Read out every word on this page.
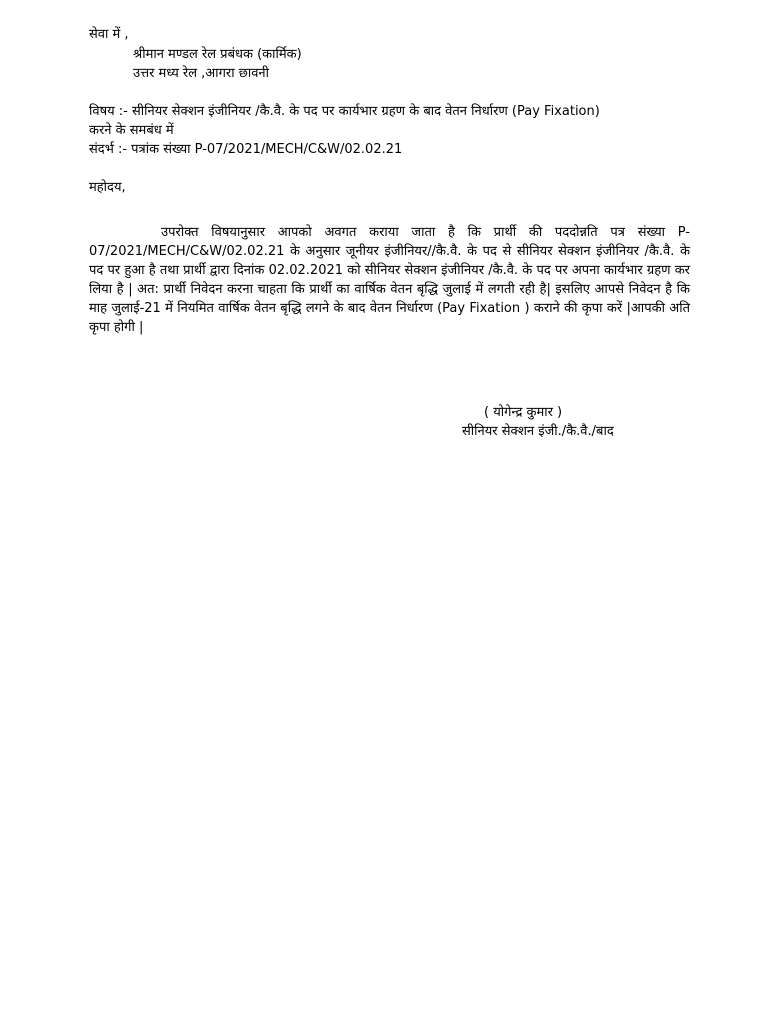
सेवा में ,
श्रीमान मण्डल रेल प्रबंधक (कार्मिक)
उत्तर मध्य रेल ,आगरा छावनी
विषय :- सीनियर सेक्शन इंजीनियर /कै.वै. के पद पर कार्यभार ग्रहण के बाद वेतन निर्धारण (Pay Fixation)
करने के समबंध में
संदर्भ :- पत्रांक संख्या P-07/2021/MECH/C&W/02.02.21
महोदय,
उपरोक्त विषयानुसार आपको अवगत कराया जाता है कि प्रार्थी की पददोन्नति पत्र संख्या P-07/2021/MECH/C&W/02.02.21 के अनुसार जूनीयर इंजीनियर//कै.वै. के पद से सीनियर सेक्शन इंजीनियर /कै.वै. के पद पर हुआ है तथा प्रार्थी द्वारा दिनांक 02.02.2021 को सीनियर सेक्शन इंजीनियर /कै.वै. के पद पर अपना कार्यभार ग्रहण कर लिया है | अत: प्रार्थी निवेदन करना चाहता कि प्रार्थी का वार्षिक वेतन बृद्धि जुलाई में लगती रही है| इसलिए आपसे निवेदन है कि माह जुलाई-21 में नियमित वार्षिक वेतन बृद्धि लगने के बाद वेतन निर्धारण (Pay Fixation ) कराने की कृपा करें |आपकी अति कृपा होगी |
( योगेन्द्र कुमार )
सीनियर सेक्शन इंजी./कै.वै./बाद
